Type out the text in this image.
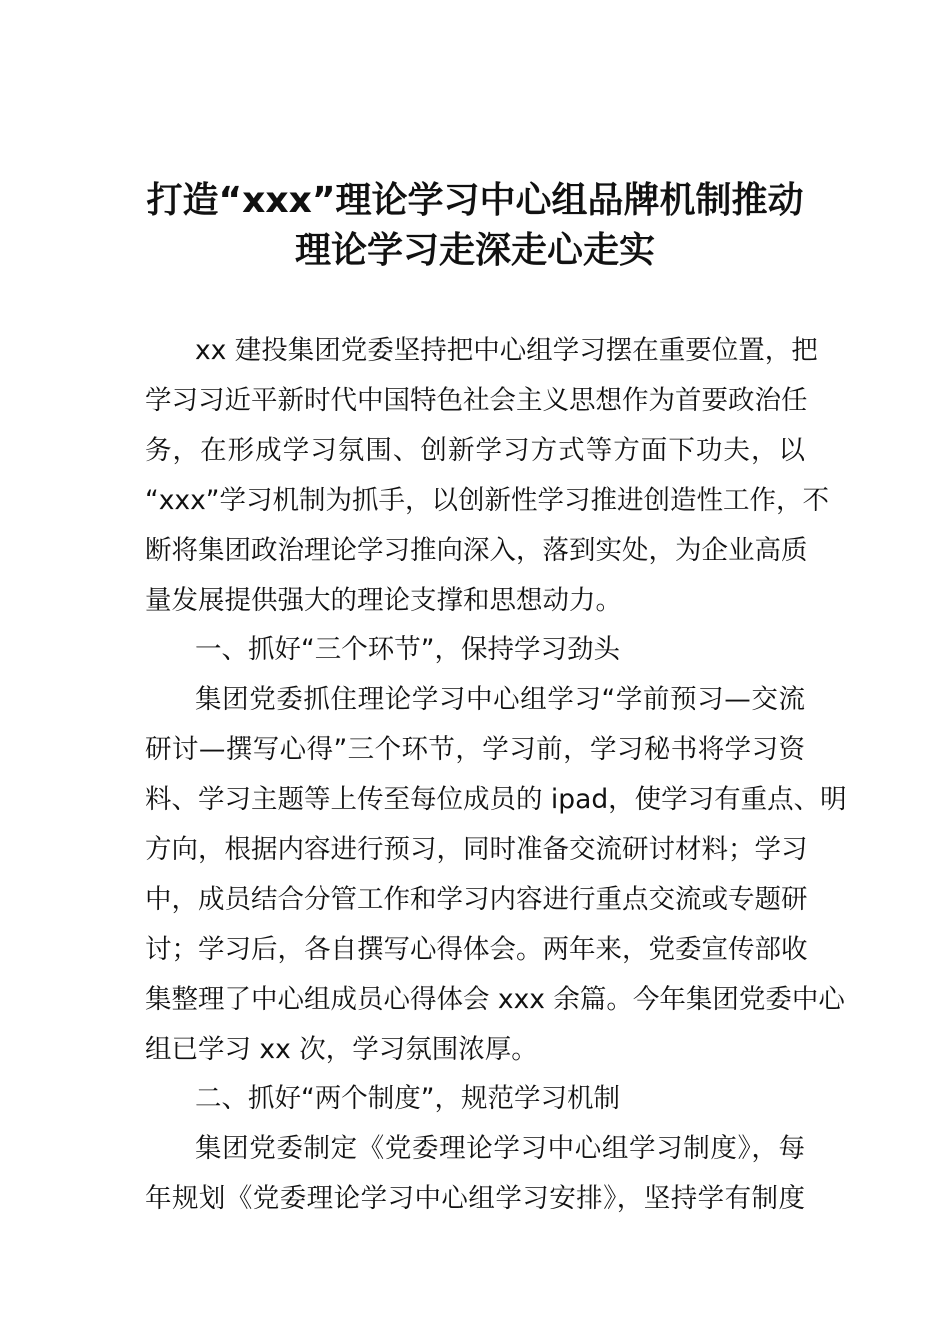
打造“xxx”理论学习中心组品牌机制推动
理论学习走深走心走实
xx 建投集团党委坚持把中心组学习摆在重要位置，把
学习习近平新时代中国特色社会主义思想作为首要政治任
务，在形成学习氛围、创新学习方式等方面下功夫，以
“xxx”学习机制为抓手，以创新性学习推进创造性工作，不
断将集团政治理论学习推向深入，落到实处，为企业高质
量发展提供强大的理论支撑和思想动力。
一、抓好“三个环节”，保持学习劲头
集团党委抓住理论学习中心组学习“学前预习—交流
研讨—撰写心得”三个环节，学习前，学习秘书将学习资
料、学习主题等上传至每位成员的 ipad，使学习有重点、明
方向，根据内容进行预习，同时准备交流研讨材料；学习
中，成员结合分管工作和学习内容进行重点交流或专题研
讨；学习后，各自撰写心得体会。两年来，党委宣传部收
集整理了中心组成员心得体会 xxx 余篇。今年集团党委中心
组已学习 xx 次，学习氛围浓厚。
二、抓好“两个制度”，规范学习机制
集团党委制定《党委理论学习中心组学习制度》，每
年规划《党委理论学习中心组学习安排》，坚持学有制度
